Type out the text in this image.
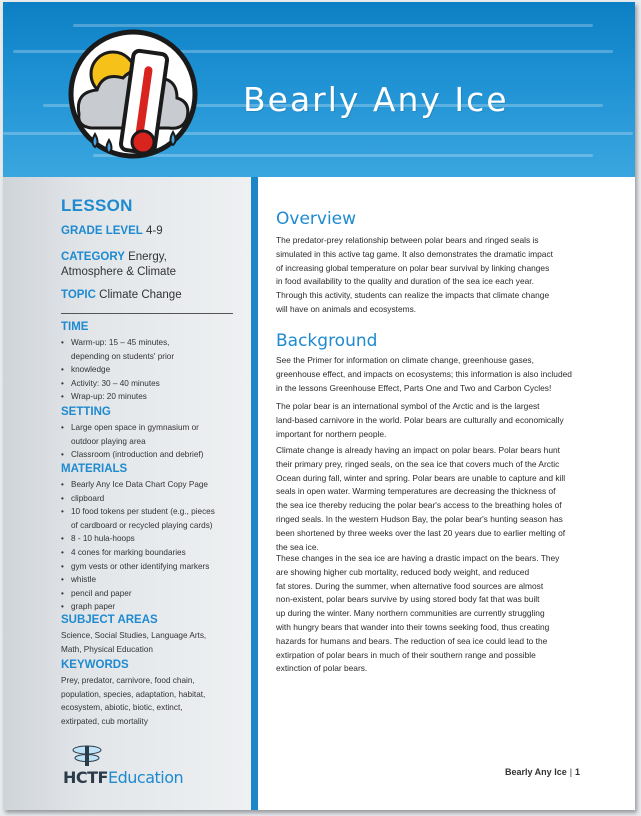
Bearly Any Ice
LESSON
GRADE LEVEL 4-9
CATEGORY Energy,
Atmosphere & Climate
TOPIC Climate Change
TIME
• Warm-up: 15 – 45 minutes,
depending on students' prior
• knowledge
• Activity: 30 – 40 minutes
• Wrap-up: 20 minutes
SETTING
• Large open space in gymnasium or
outdoor playing area
• Classroom (introduction and debrief)
MATERIALS
• Bearly Any Ice Data Chart Copy Page
• clipboard
• 10 food tokens per student (e.g., pieces
of cardboard or recycled playing cards)
• 8 - 10 hula-hoops
• 4 cones for marking boundaries
• gym vests or other identifying markers
• whistle
• pencil and paper
• graph paper
SUBJECT AREAS
Science, Social Studies, Language Arts,
Math, Physical Education
KEYWORDS
Prey, predator, carnivore, food chain,
population, species, adaptation, habitat,
ecosystem, abiotic, biotic, extinct,
extirpated, cub mortality
HCTFEducation
Overview
The predator-prey relationship between polar bears and ringed seals is
simulated in this active tag game. It also demonstrates the dramatic impact
of increasing global temperature on polar bear survival by linking changes
in food availability to the quality and duration of the sea ice each year.
Through this activity, students can realize the impacts that climate change
will have on animals and ecosystems.
Background
See the Primer for information on climate change, greenhouse gases,
greenhouse effect, and impacts on ecosystems; this information is also included
in the lessons Greenhouse Effect, Parts One and Two and Carbon Cycles!
The polar bear is an international symbol of the Arctic and is the largest
land-based carnivore in the world. Polar bears are culturally and economically
important for northern people.
Climate change is already having an impact on polar bears. Polar bears hunt
their primary prey, ringed seals, on the sea ice that covers much of the Arctic
Ocean during fall, winter and spring. Polar bears are unable to capture and kill
seals in open water. Warming temperatures are decreasing the thickness of
the sea ice thereby reducing the polar bear's access to the breathing holes of
ringed seals. In the western Hudson Bay, the polar bear's hunting season has
been shortened by three weeks over the last 20 years due to earlier melting of
the sea ice.
These changes in the sea ice are having a drastic impact on the bears. They
are showing higher cub mortality, reduced body weight, and reduced
fat stores. During the summer, when alternative food sources are almost
non-existent, polar bears survive by using stored body fat that was built
up during the winter. Many northern communities are currently struggling
with hungry bears that wander into their towns seeking food, thus creating
hazards for humans and bears. The reduction of sea ice could lead to the
extirpation of polar bears in much of their southern range and possible
extinction of polar bears.
Bearly Any Ice | 1
